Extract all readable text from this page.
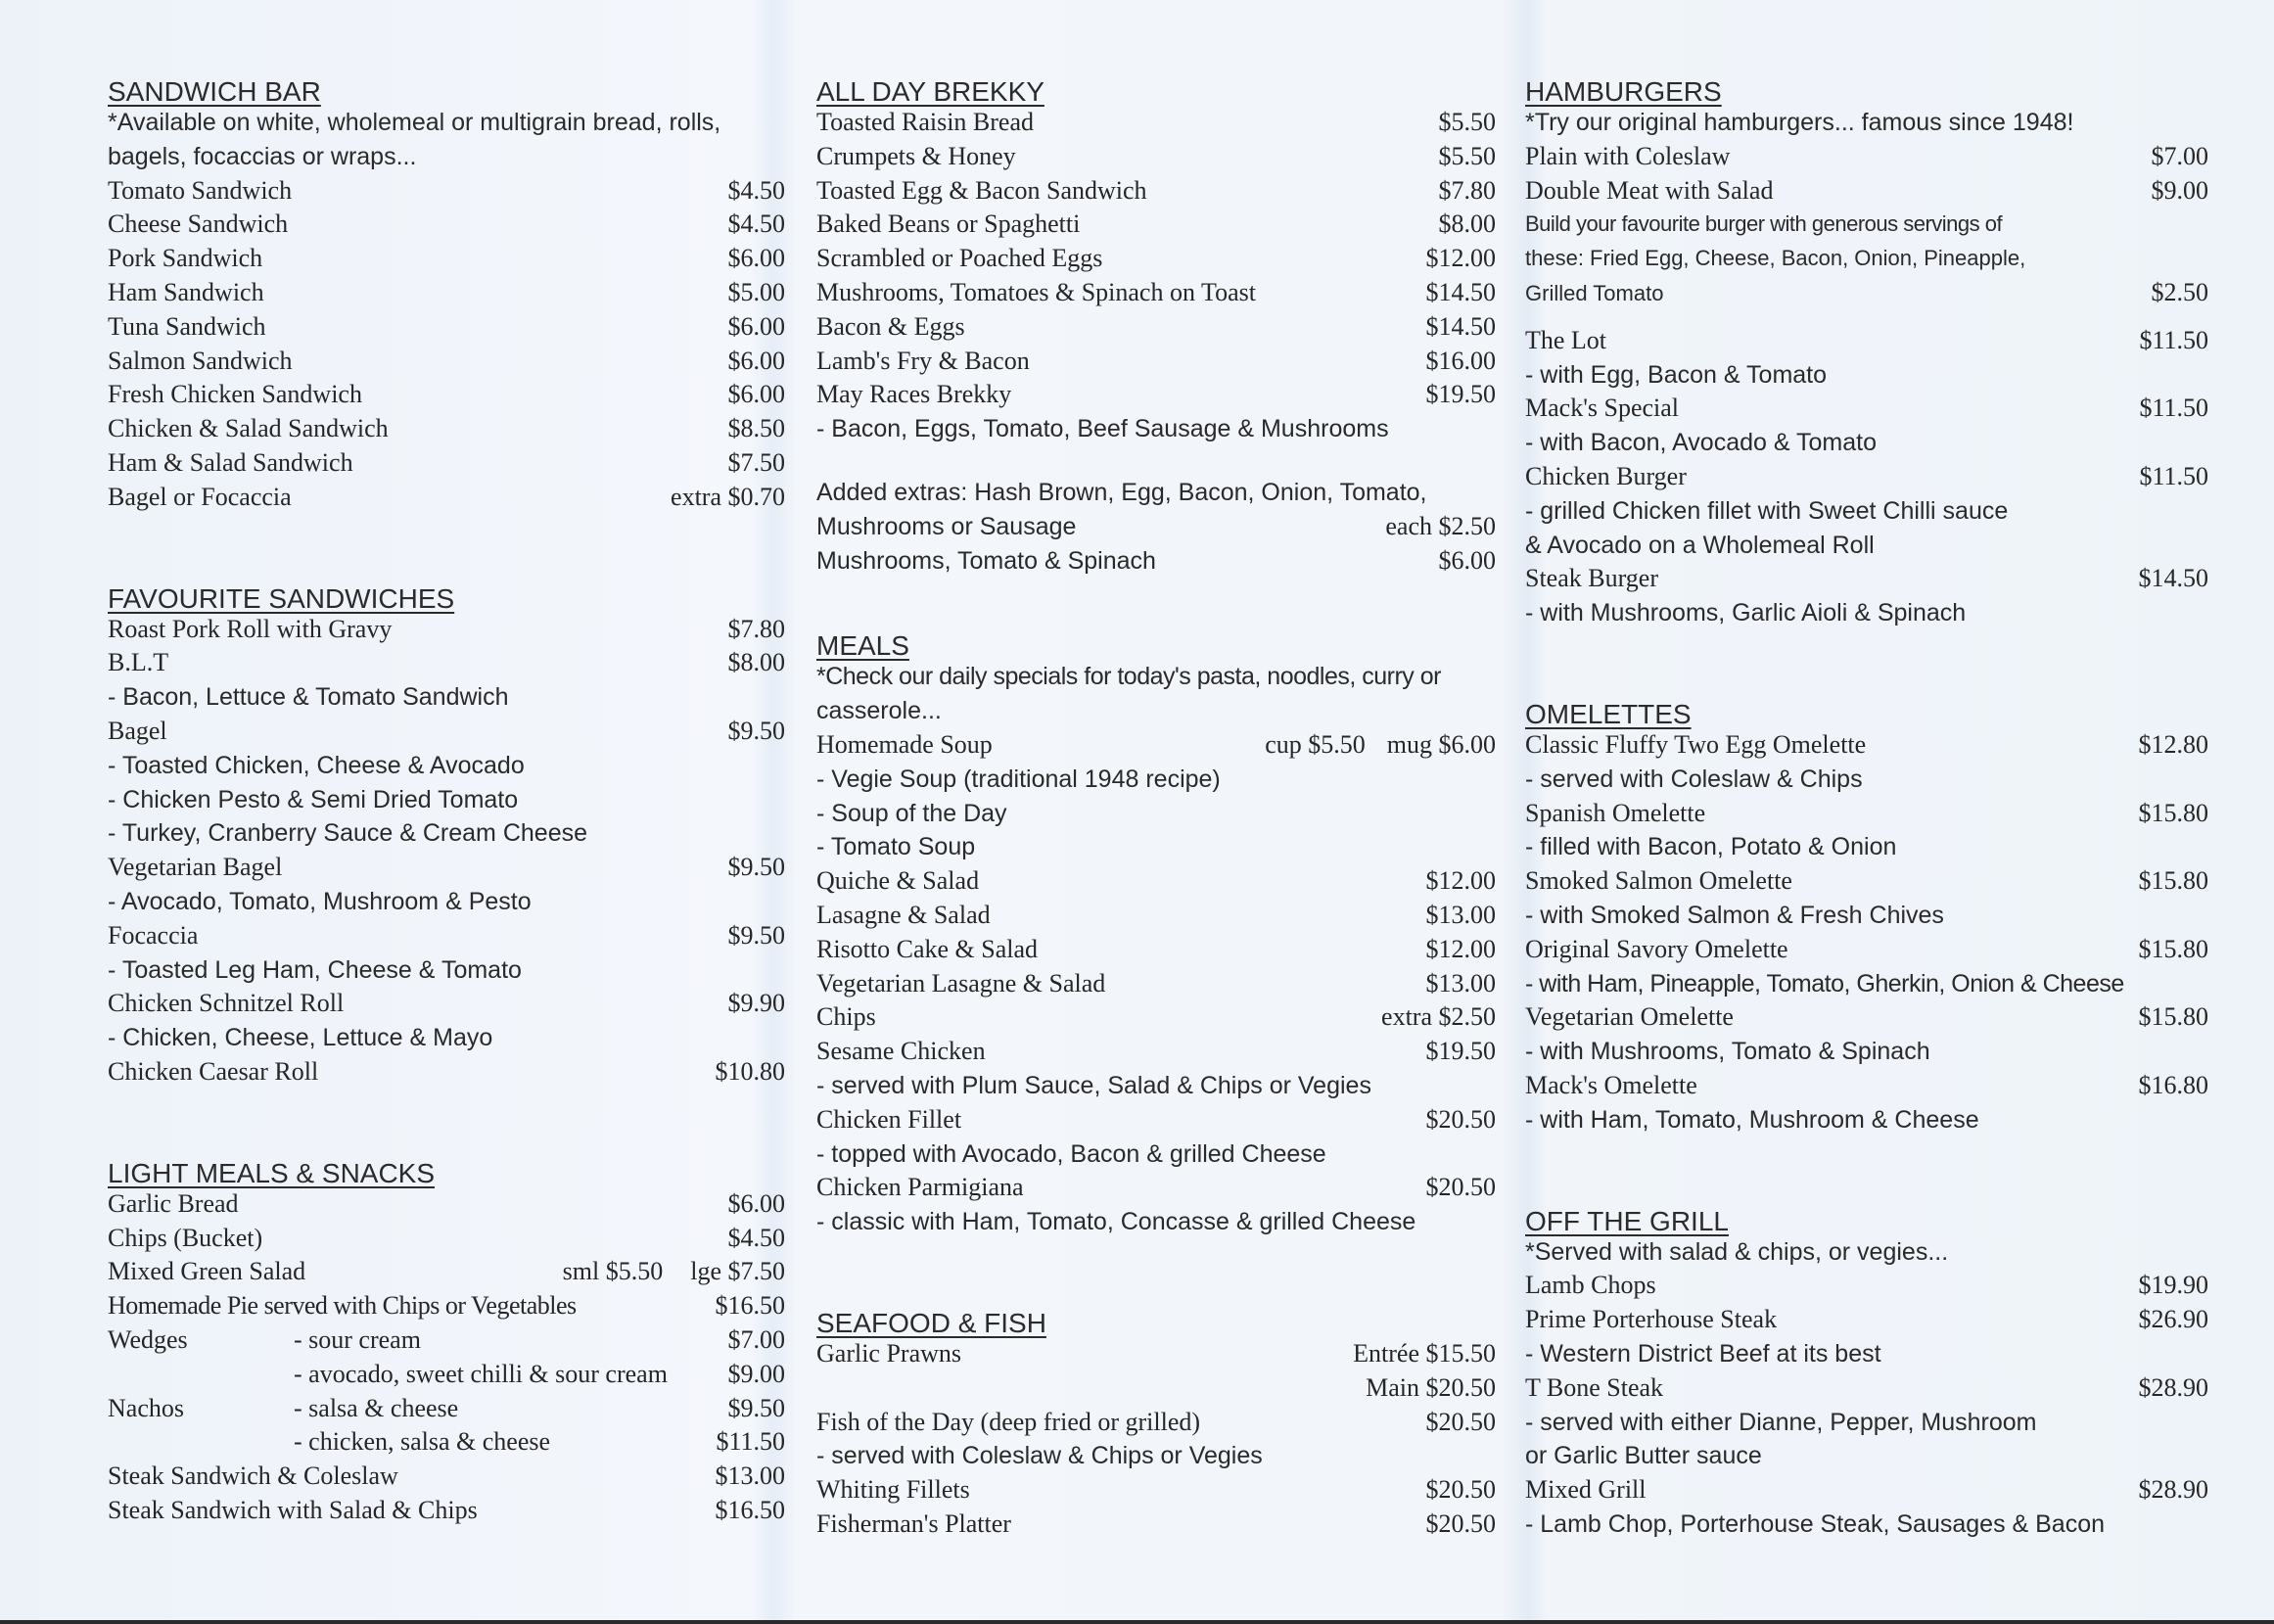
SANDWICH BAR
*Available on white, wholemeal or multigrain bread, rolls,
bagels, focaccias or wraps...
Tomato Sandwich	$4.50
Cheese Sandwich	$4.50
Pork Sandwich	$6.00
Ham Sandwich	$5.00
Tuna Sandwich	$6.00
Salmon Sandwich	$6.00
Fresh Chicken Sandwich	$6.00
Chicken & Salad Sandwich	$8.50
Ham & Salad Sandwich	$7.50
Bagel or Focaccia	extra $0.70
FAVOURITE SANDWICHES
Roast Pork Roll with Gravy	$7.80
B.L.T	$8.00
- Bacon, Lettuce & Tomato Sandwich
Bagel	$9.50
- Toasted Chicken, Cheese & Avocado
- Chicken Pesto & Semi Dried Tomato
- Turkey, Cranberry Sauce & Cream Cheese
Vegetarian Bagel	$9.50
- Avocado, Tomato, Mushroom & Pesto
Focaccia	$9.50
- Toasted Leg Ham, Cheese & Tomato
Chicken Schnitzel Roll	$9.90
- Chicken, Cheese, Lettuce & Mayo
Chicken Caesar Roll	$10.80
LIGHT MEALS & SNACKS
Garlic Bread	$6.00
Chips (Bucket)	$4.50
Mixed Green Salad	sml $5.50 lge $7.50
Homemade Pie served with Chips or Vegetables	$16.50
Wedges	- sour cream	$7.00
- avocado, sweet chilli & sour cream	$9.00
Nachos	- salsa & cheese	$9.50
- chicken, salsa & cheese	$11.50
Steak Sandwich & Coleslaw	$13.00
Steak Sandwich with Salad & Chips	$16.50
ALL DAY BREKKY
Toasted Raisin Bread	$5.50
Crumpets & Honey	$5.50
Toasted Egg & Bacon Sandwich	$7.80
Baked Beans or Spaghetti	$8.00
Scrambled or Poached Eggs	$12.00
Mushrooms, Tomatoes & Spinach on Toast	$14.50
Bacon & Eggs	$14.50
Lamb's Fry & Bacon	$16.00
May Races Brekky	$19.50
- Bacon, Eggs, Tomato, Beef Sausage & Mushrooms
Added extras: Hash Brown, Egg, Bacon, Onion, Tomato,
Mushrooms or Sausage	each $2.50
Mushrooms, Tomato & Spinach	$6.00
MEALS
*Check our daily specials for today's pasta, noodles, curry or
casserole...
Homemade Soup	cup $5.50 mug $6.00
- Vegie Soup (traditional 1948 recipe)
- Soup of the Day
- Tomato Soup
Quiche & Salad	$12.00
Lasagne & Salad	$13.00
Risotto Cake & Salad	$12.00
Vegetarian Lasagne & Salad	$13.00
Chips	extra $2.50
Sesame Chicken	$19.50
- served with Plum Sauce, Salad & Chips or Vegies
Chicken Fillet	$20.50
- topped with Avocado, Bacon & grilled Cheese
Chicken Parmigiana	$20.50
- classic with Ham, Tomato, Concasse & grilled Cheese
SEAFOOD & FISH
Garlic Prawns	Entrée $15.50
Main $20.50
Fish of the Day (deep fried or grilled)	$20.50
- served with Coleslaw & Chips or Vegies
Whiting Fillets	$20.50
Fisherman's Platter	$20.50
HAMBURGERS
*Try our original hamburgers... famous since 1948!
Plain with Coleslaw	$7.00
Double Meat with Salad	$9.00
Build your favourite burger with generous servings of
these: Fried Egg, Cheese, Bacon, Onion, Pineapple,
Grilled Tomato	$2.50
The Lot	$11.50
- with Egg, Bacon & Tomato
Mack's Special	$11.50
- with Bacon, Avocado & Tomato
Chicken Burger	$11.50
- grilled Chicken fillet with Sweet Chilli sauce
& Avocado on a Wholemeal Roll
Steak Burger	$14.50
- with Mushrooms, Garlic Aioli & Spinach
OMELETTES
Classic Fluffy Two Egg Omelette	$12.80
- served with Coleslaw & Chips
Spanish Omelette	$15.80
- filled with Bacon, Potato & Onion
Smoked Salmon Omelette	$15.80
- with Smoked Salmon & Fresh Chives
Original Savory Omelette	$15.80
- with Ham, Pineapple, Tomato, Gherkin, Onion & Cheese
Vegetarian Omelette	$15.80
- with Mushrooms, Tomato & Spinach
Mack's Omelette	$16.80
- with Ham, Tomato, Mushroom & Cheese
OFF THE GRILL
*Served with salad & chips, or vegies...
Lamb Chops	$19.90
Prime Porterhouse Steak	$26.90
- Western District Beef at its best
T Bone Steak	$28.90
- served with either Dianne, Pepper, Mushroom
or Garlic Butter sauce
Mixed Grill	$28.90
- Lamb Chop, Porterhouse Steak, Sausages & Bacon
